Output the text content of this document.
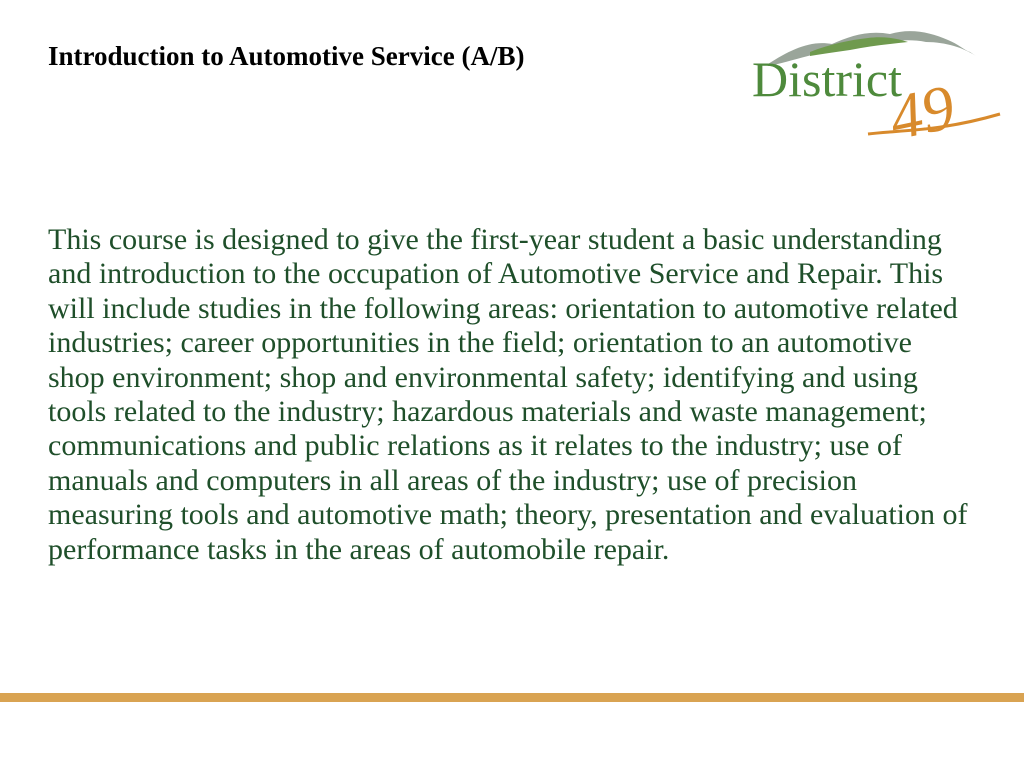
Introduction to Automotive Service (A/B)	District
49

This course is designed to give the first-year student a basic understanding and introduction to the occupation of Automotive Service and Repair. This will include studies in the following areas: orientation to automotive related industries; career opportunities in the field; orientation to an automotive shop environment; shop and environmental safety; identifying and using tools related to the industry; hazardous materials and waste management; communications and public relations as it relates to the industry; use of manuals and computers in all areas of the industry; use of precision measuring tools and automotive math; theory, presentation and evaluation of performance tasks in the areas of automobile repair.
